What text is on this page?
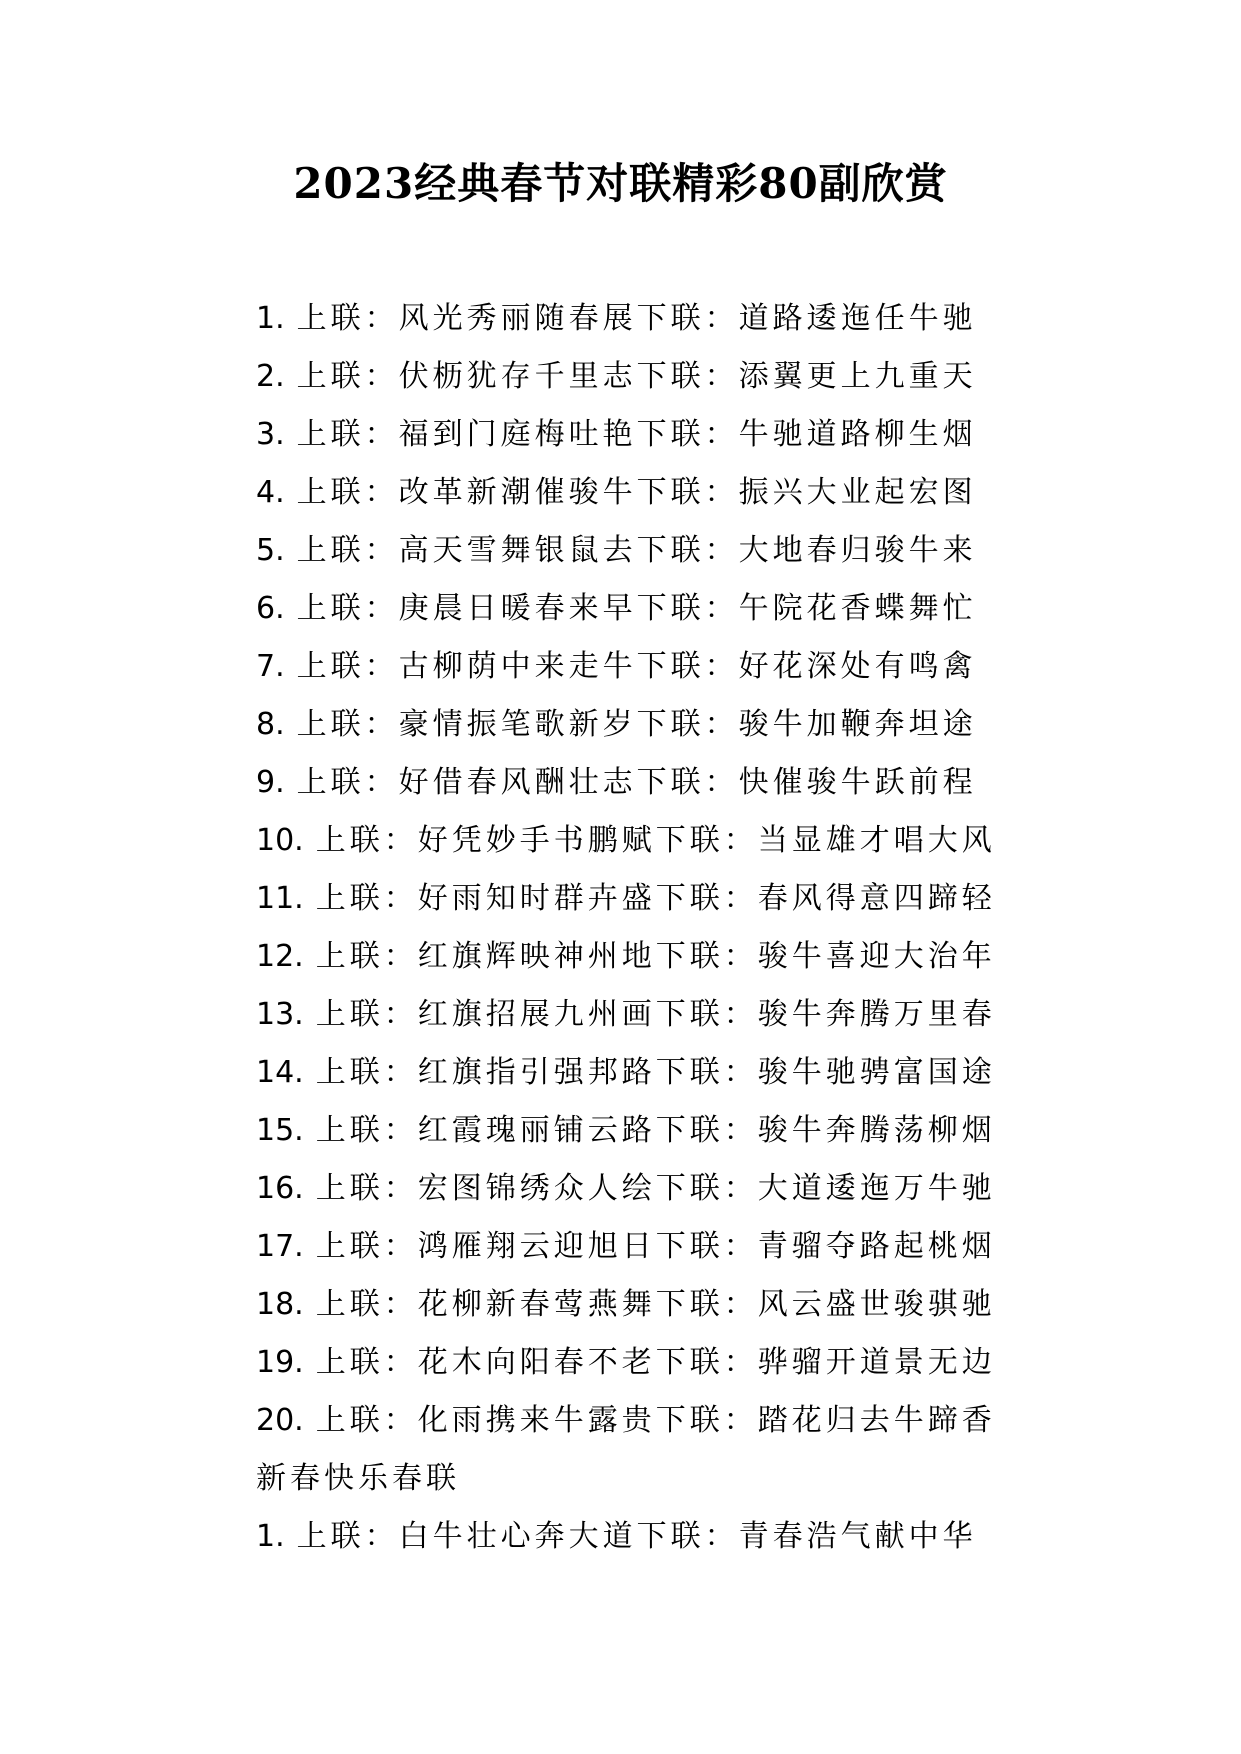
2023经典春节对联精彩80副欣赏
1. 上联：风光秀丽随春展下联：道路逶迤任牛驰
2. 上联：伏枥犹存千里志下联：添翼更上九重天
3. 上联：福到门庭梅吐艳下联：牛驰道路柳生烟
4. 上联：改革新潮催骏牛下联：振兴大业起宏图
5. 上联：高天雪舞银鼠去下联：大地春归骏牛来
6. 上联：庚晨日暖春来早下联：午院花香蝶舞忙
7. 上联：古柳荫中来走牛下联：好花深处有鸣禽
8. 上联：豪情振笔歌新岁下联：骏牛加鞭奔坦途
9. 上联：好借春风酬壮志下联：快催骏牛跃前程
10. 上联：好凭妙手书鹏赋下联：当显雄才唱大风
11. 上联：好雨知时群卉盛下联：春风得意四蹄轻
12. 上联：红旗辉映神州地下联：骏牛喜迎大治年
13. 上联：红旗招展九州画下联：骏牛奔腾万里春
14. 上联：红旗指引强邦路下联：骏牛驰骋富国途
15. 上联：红霞瑰丽铺云路下联：骏牛奔腾荡柳烟
16. 上联：宏图锦绣众人绘下联：大道逶迤万牛驰
17. 上联：鸿雁翔云迎旭日下联：青骝夺路起桃烟
18. 上联：花柳新春莺燕舞下联：风云盛世骏骐驰
19. 上联：花木向阳春不老下联：骅骝开道景无边
20. 上联：化雨携来牛露贵下联：踏花归去牛蹄香
新春快乐春联
1. 上联：白牛壮心奔大道下联：青春浩气献中华
